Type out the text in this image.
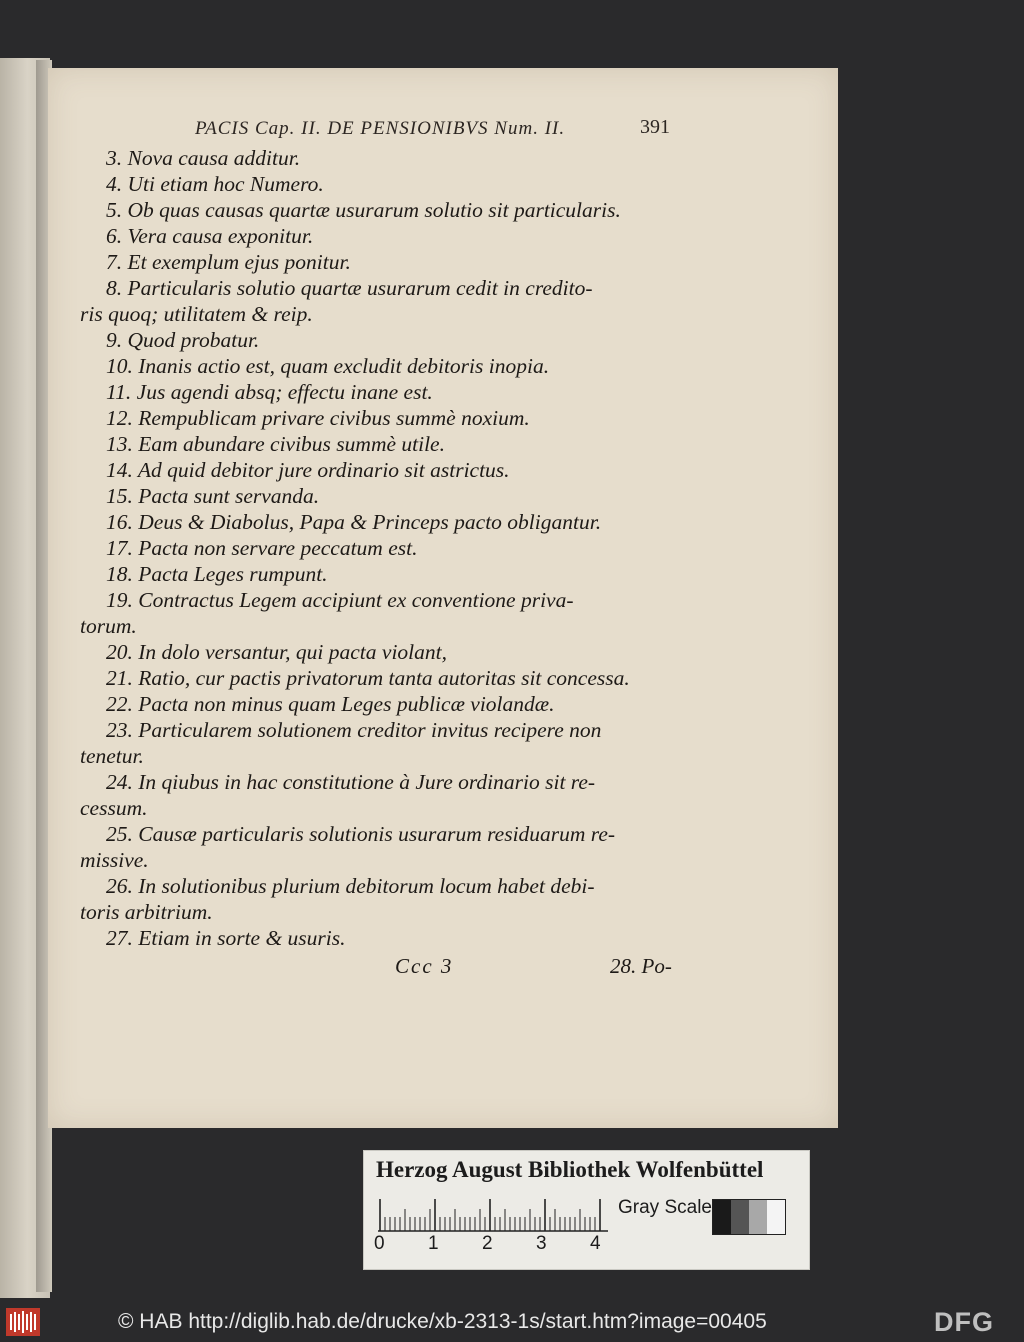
PACIS Cap. II. DE PENSIONIBVS Num. II.	391
3. Nova causa additur.
4. Uti etiam hoc Numero.
5. Ob quas causas quartæ usurarum solutio sit particularis.
6. Vera causa exponitur.
7. Et exemplum ejus ponitur.
8. Particularis solutio quartæ usurarum cedit in credito-
ris quoq; utilitatem & reip.
9. Quod probatur.
10. Inanis actio est, quam excludit debitoris inopia.
11. Jus agendi absq; effectu inane est.
12. Rempublicam privare civibus summè noxium.
13. Eam abundare civibus summè utile.
14. Ad quid debitor jure ordinario sit astrictus.
15. Pacta sunt servanda.
16. Deus & Diabolus, Papa & Princeps pacto obligantur.
17. Pacta non servare peccatum est.
18. Pacta Leges rumpunt.
19. Contractus Legem accipiunt ex conventione priva-
torum.
20. In dolo versantur, qui pacta violant,
21. Ratio, cur pactis privatorum tanta autoritas sit concessa.
22. Pacta non minus quam Leges publicæ violandæ.
23. Particularem solutionem creditor invitus recipere non
tenetur.
24. In qiubus in hac constitutione à Jure ordinario sit re-
cessum.
25. Causæ particularis solutionis usurarum residuarum re-
missive.
26. In solutionibus plurium debitorum locum habet debi-
toris arbitrium.
27. Etiam in sorte & usuris.
Ccc 3	28. Po-
Herzog August Bibliothek Wolfenbüttel
0 1 2 3 4
Gray Scale
© HAB http://diglib.hab.de/drucke/xb-2313-1s/start.htm?image=00405	DFG
